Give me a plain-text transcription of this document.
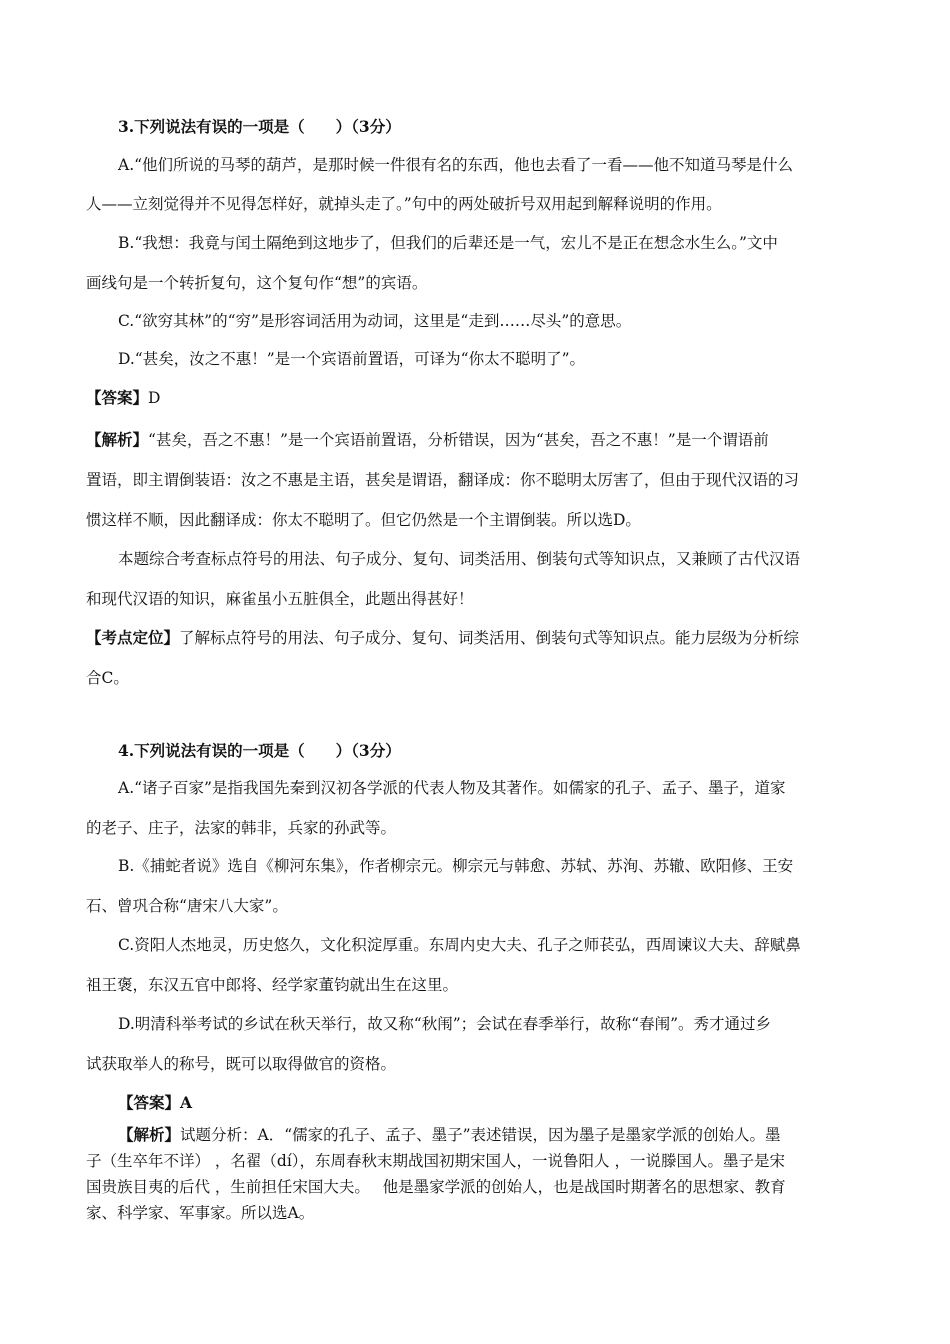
3.下列说法有误的一项是（　　）（3分）
A.“他们所说的马琴的葫芦，是那时候一件很有名的东西，他也去看了一看——他不知道马琴是什么
人——立刻觉得并不见得怎样好，就掉头走了。”句中的两处破折号双用起到解释说明的作用。
B.“我想：我竟与闰土隔绝到这地步了，但我们的后辈还是一气，宏儿不是正在想念水生么。”文中
画线句是一个转折复句，这个复句作“想”的宾语。
C.“欲穷其林”的“穷”是形容词活用为动词，这里是“走到……尽头”的意思。
D.“甚矣，汝之不惠！”是一个宾语前置语，可译为“你太不聪明了”。
【答案】D
【解析】“甚矣，吾之不惠！”是一个宾语前置语，分析错误，因为“甚矣，吾之不惠！”是一个谓语前
置语，即主谓倒装语：汝之不惠是主语，甚矣是谓语，翻译成：你不聪明太厉害了，但由于现代汉语的习
惯这样不顺，因此翻译成：你太不聪明了。但它仍然是一个主谓倒装。所以选D。
本题综合考查标点符号的用法、句子成分、复句、词类活用、倒装句式等知识点，又兼顾了古代汉语
和现代汉语的知识，麻雀虽小五脏俱全，此题出得甚好！
【考点定位】了解标点符号的用法、句子成分、复句、词类活用、倒装句式等知识点。能力层级为分析综
合C。
4.下列说法有误的一项是（　　）（3分）
A.“诸子百家”是指我国先秦到汉初各学派的代表人物及其著作。如儒家的孔子、孟子、墨子，道家
的老子、庄子，法家的韩非，兵家的孙武等。
B.《捕蛇者说》选自《柳河东集》，作者柳宗元。柳宗元与韩愈、苏轼、苏洵、苏辙、欧阳修、王安
石、曾巩合称“唐宋八大家”。
C.资阳人杰地灵，历史悠久，文化积淀厚重。东周内史大夫、孔子之师苌弘，西周谏议大夫、辞赋鼻
祖王褒，东汉五官中郎将、经学家董钧就出生在这里。
D.明清科举考试的乡试在秋天举行，故又称“秋闱”；会试在春季举行，故称“春闱”。秀才通过乡
试获取举人的称号，既可以取得做官的资格。
【答案】A
【解析】试题分析：A．“儒家的孔子、孟子、墨子”表述错误，因为墨子是墨家学派的创始人。墨
子（生卒年不详） ，名翟（dí），东周春秋末期战国初期宋国人，一说鲁阳人 ，一说滕国人。墨子是宋
国贵族目夷的后代 ，生前担任宋国大夫。　 他是墨家学派的创始人，也是战国时期著名的思想家、教育
家、科学家、军事家。所以选A。
